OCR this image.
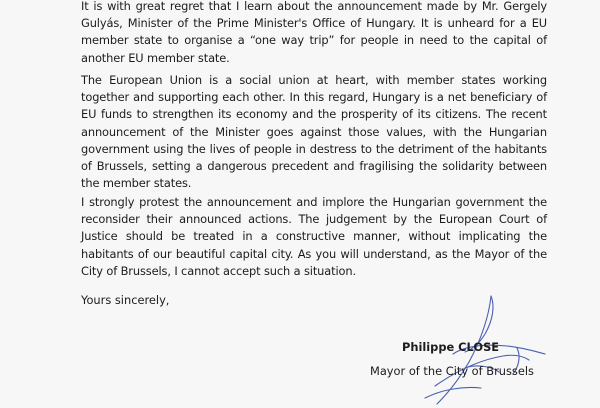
It is with great regret that I learn about the announcement made by Mr. Gergely Gulyás, Minister of the Prime Minister's Office of Hungary. It is unheard for a EU member state to organise a “one way trip” for people in need to the capital of another EU member state.

The European Union is a social union at heart, with member states working together and supporting each other. In this regard, Hungary is a net beneficiary of EU funds to strengthen its economy and the prosperity of its citizens. The recent announcement of the Minister goes against those values, with the Hungarian government using the lives of people in destress to the detriment of the habitants of Brussels, setting a dangerous precedent and fragilising the solidarity between the member states.

I strongly protest the announcement and implore the Hungarian government the reconsider their announced actions. The judgement by the European Court of Justice should be treated in a constructive manner, without implicating the habitants of our beautiful capital city. As you will understand, as the Mayor of the City of Brussels, I cannot accept such a situation.

Yours sincerely,

Philippe CLOSE

Mayor of the City of Brussels
